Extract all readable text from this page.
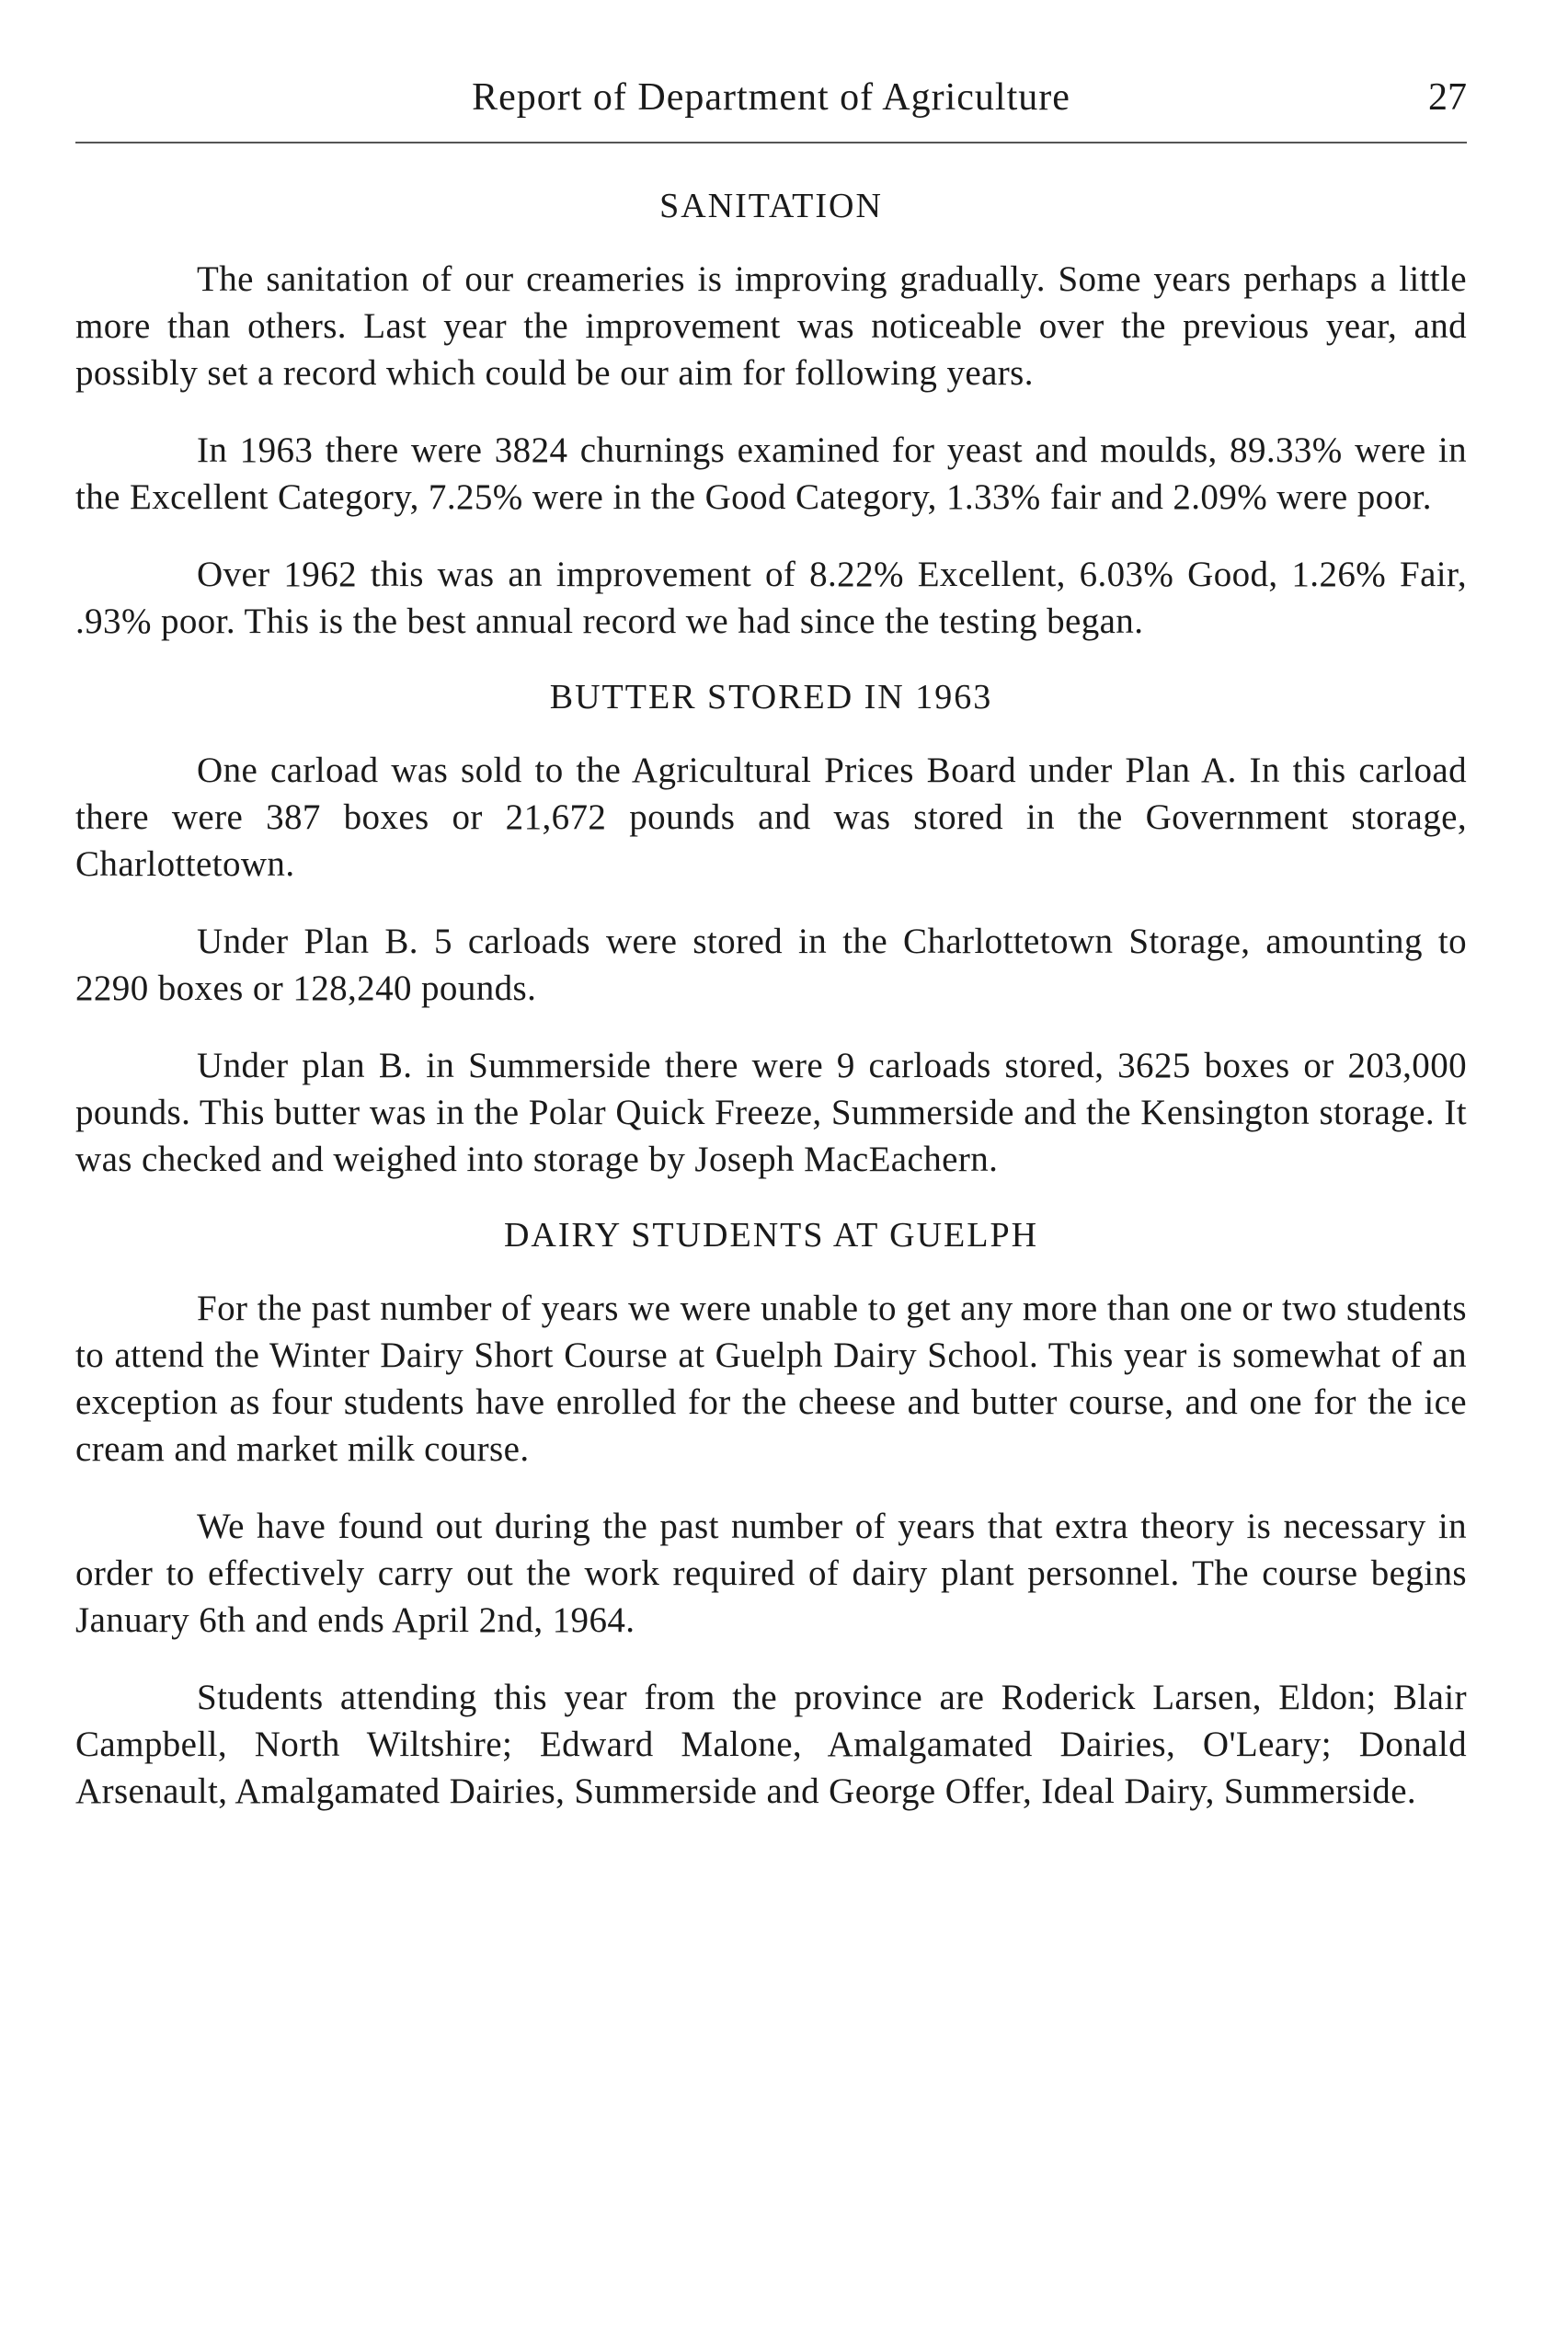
Report of Department of Agriculture	27
SANITATION

The sanitation of our creameries is improving gradually. Some years perhaps a little more than others. Last year the improvement was noticeable over the previous year, and possibly set a record which could be our aim for following years.

In 1963 there were 3824 churnings examined for yeast and moulds, 89.33% were in the Excellent Category, 7.25% were in the Good Category, 1.33% fair and 2.09% were poor.

Over 1962 this was an improvement of 8.22% Excellent, 6.03% Good, 1.26% Fair, .93% poor. This is the best annual record we had since the testing began.

BUTTER STORED IN 1963

One carload was sold to the Agricultural Prices Board under Plan A. In this carload there were 387 boxes or 21,672 pounds and was stored in the Government storage, Charlottetown.

Under Plan B. 5 carloads were stored in the Charlottetown Storage, amounting to 2290 boxes or 128,240 pounds.

Under plan B. in Summerside there were 9 carloads stored, 3625 boxes or 203,000 pounds. This butter was in the Polar Quick Freeze, Summerside and the Kensington storage. It was checked and weighed into storage by Joseph MacEachern.

DAIRY STUDENTS AT GUELPH

For the past number of years we were unable to get any more than one or two students to attend the Winter Dairy Short Course at Guelph Dairy School. This year is somewhat of an exception as four students have enrolled for the cheese and butter course, and one for the ice cream and market milk course.

We have found out during the past number of years that extra theory is necessary in order to effectively carry out the work required of dairy plant personnel. The course begins January 6th and ends April 2nd, 1964.

Students attending this year from the province are Roderick Larsen, Eldon; Blair Campbell, North Wiltshire; Edward Malone, Amalgamated Dairies, O'Leary; Donald Arsenault, Amalgamated Dairies, Summerside and George Offer, Ideal Dairy, Summerside.
